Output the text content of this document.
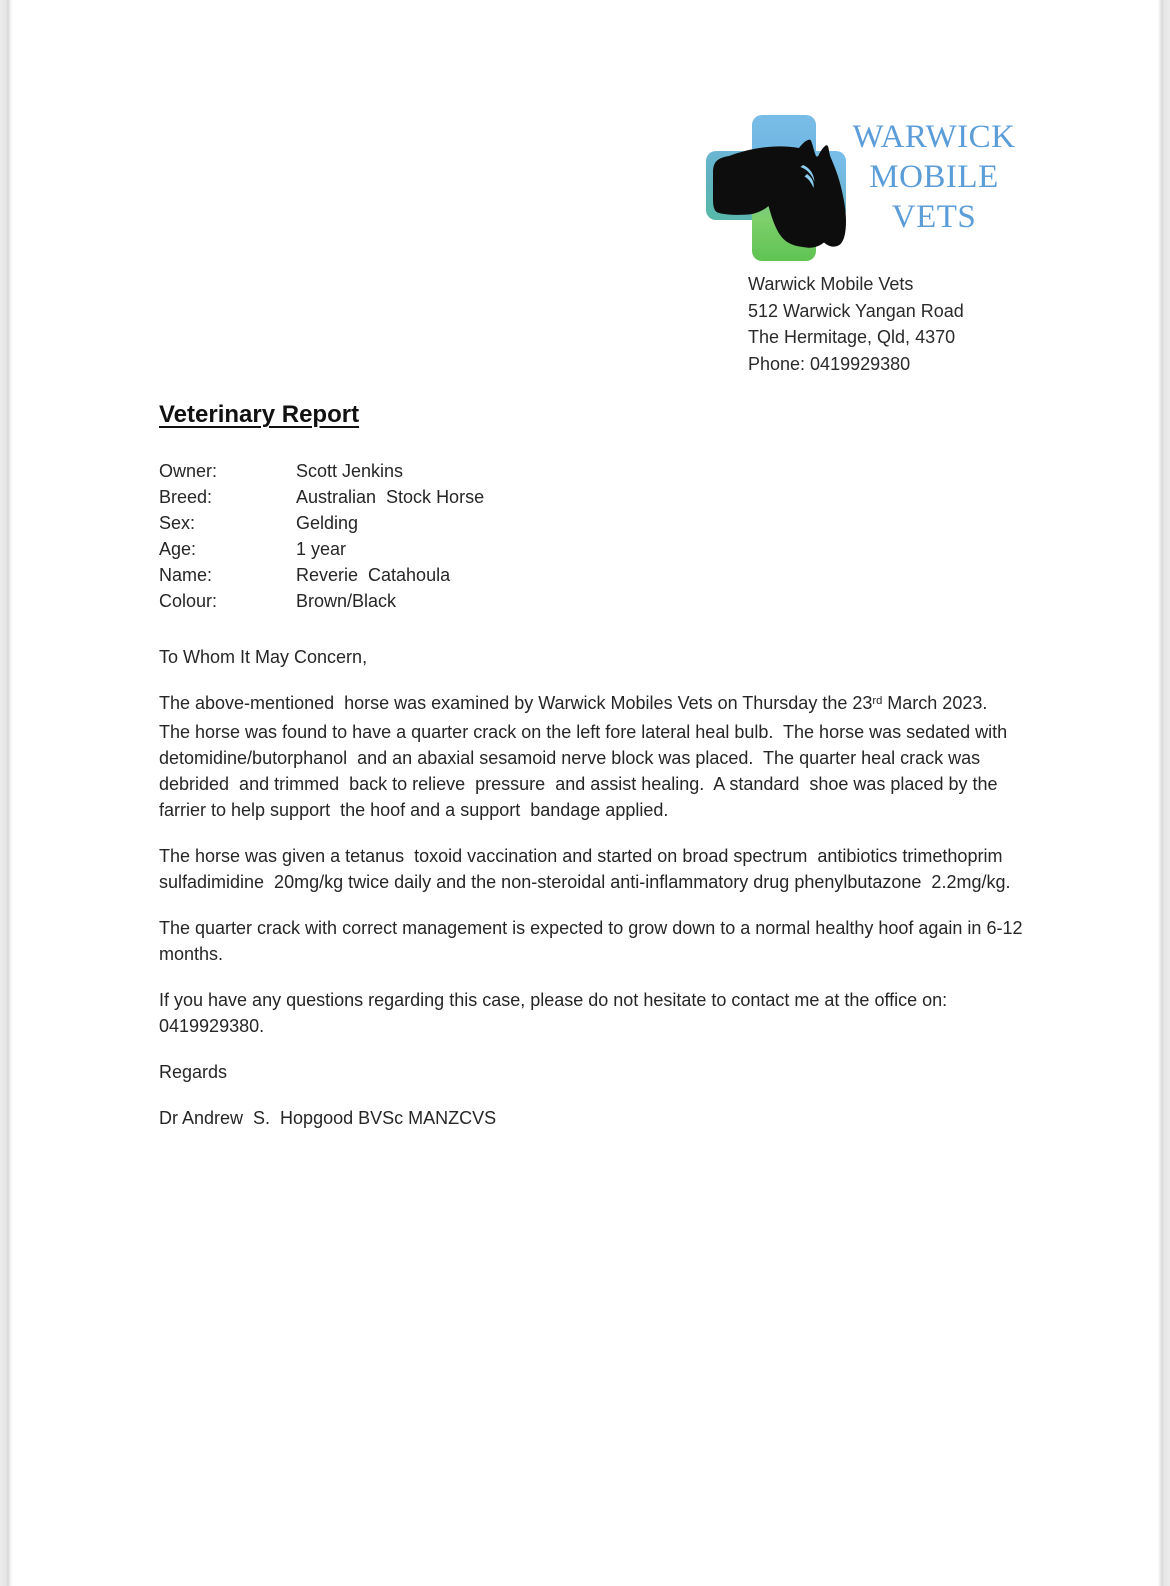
WARWICK
MOBILE
VETS
Warwick Mobile Vets
512 Warwick Yangan Road
The Hermitage, Qld, 4370
Phone: 0419929380
Veterinary Report
Owner:	Scott Jenkins
Breed:	Australian  Stock Horse
Sex:	Gelding
Age:	1 year
Name:	Reverie  Catahoula
Colour:	Brown/Black

To Whom It May Concern,

The above-mentioned  horse was examined by Warwick Mobiles Vets on Thursday the 23rd March 2023.  The horse was found to have a quarter crack on the left fore lateral heal bulb.  The horse was sedated with detomidine/butorphanol  and an abaxial sesamoid nerve block was placed.  The quarter heal crack was debrided  and trimmed  back to relieve  pressure  and assist healing.  A standard  shoe was placed by the farrier to help support  the hoof and a support  bandage applied.

The horse was given a tetanus  toxoid vaccination and started on broad spectrum  antibiotics trimethoprim  sulfadimidine  20mg/kg twice daily and the non-steroidal anti-inflammatory drug phenylbutazone  2.2mg/kg.

The quarter crack with correct management is expected to grow down to a normal healthy hoof again in 6-12 months.

If you have any questions regarding this case, please do not hesitate to contact me at the office on: 0419929380.

Regards

Dr Andrew  S.  Hopgood BVSc MANZCVS
